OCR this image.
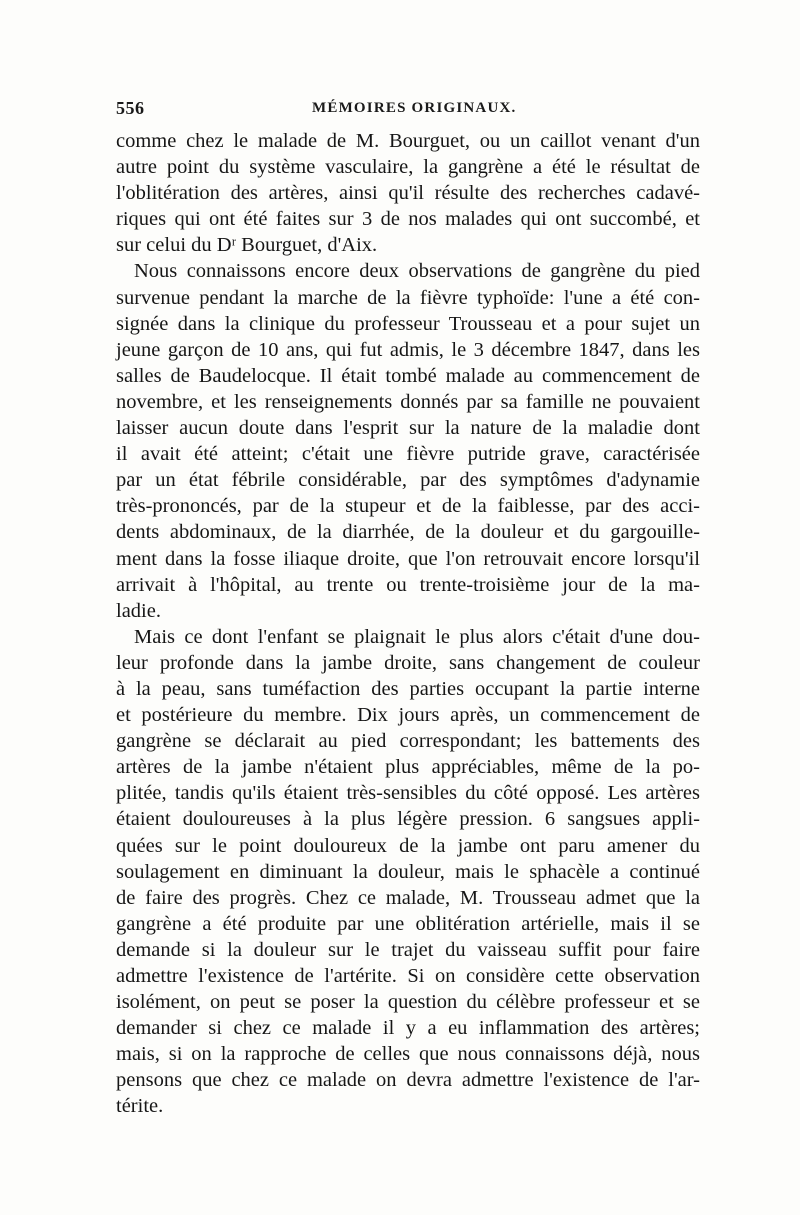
556	MÉMOIRES ORIGINAUX.
comme chez le malade de M. Bourguet, ou un caillot venant d'un
autre point du système vasculaire, la gangrène a été le résultat de
l'oblitération des artères, ainsi qu'il résulte des recherches cadavé-
riques qui ont été faites sur 3 de nos malades qui ont succombé, et
sur celui du Dʳ Bourguet, d'Aix.
Nous connaissons encore deux observations de gangrène du pied
survenue pendant la marche de la fièvre typhoïde: l'une a été con-
signée dans la clinique du professeur Trousseau et a pour sujet un
jeune garçon de 10 ans, qui fut admis, le 3 décembre 1847, dans les
salles de Baudelocque. Il était tombé malade au commencement de
novembre, et les renseignements donnés par sa famille ne pouvaient
laisser aucun doute dans l'esprit sur la nature de la maladie dont
il avait été atteint; c'était une fièvre putride grave, caractérisée
par un état fébrile considérable, par des symptômes d'adynamie
très-prononcés, par de la stupeur et de la faiblesse, par des acci-
dents abdominaux, de la diarrhée, de la douleur et du gargouille-
ment dans la fosse iliaque droite, que l'on retrouvait encore lorsqu'il
arrivait à l'hôpital, au trente ou trente-troisième jour de la ma-
ladie.
Mais ce dont l'enfant se plaignait le plus alors c'était d'une dou-
leur profonde dans la jambe droite, sans changement de couleur
à la peau, sans tuméfaction des parties occupant la partie interne
et postérieure du membre. Dix jours après, un commencement de
gangrène se déclarait au pied correspondant; les battements des
artères de la jambe n'étaient plus appréciables, même de la po-
plitée, tandis qu'ils étaient très-sensibles du côté opposé. Les artères
étaient douloureuses à la plus légère pression. 6 sangsues appli-
quées sur le point douloureux de la jambe ont paru amener du
soulagement en diminuant la douleur, mais le sphacèle a continué
de faire des progrès. Chez ce malade, M. Trousseau admet que la
gangrène a été produite par une oblitération artérielle, mais il se
demande si la douleur sur le trajet du vaisseau suffit pour faire
admettre l'existence de l'artérite. Si on considère cette observation
isolément, on peut se poser la question du célèbre professeur et se
demander si chez ce malade il y a eu inflammation des artères;
mais, si on la rapproche de celles que nous connaissons déjà, nous
pensons que chez ce malade on devra admettre l'existence de l'ar-
térite.
